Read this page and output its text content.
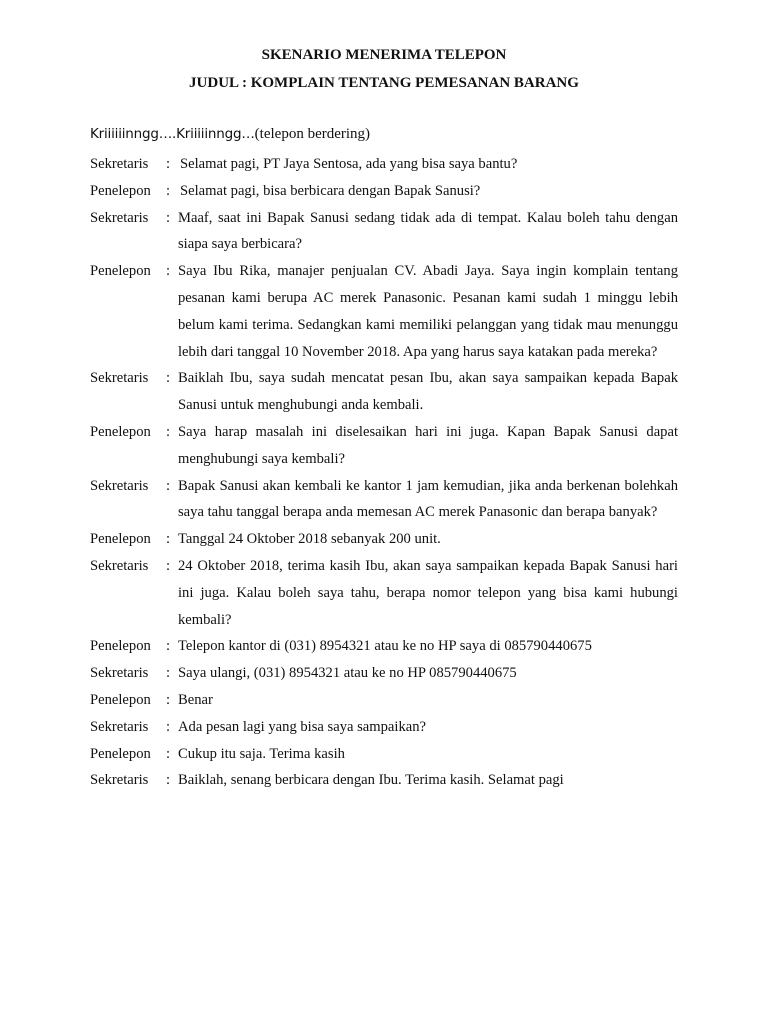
SKENARIO MENERIMA TELEPON
JUDUL : KOMPLAIN TENTANG PEMESANAN BARANG
Kriiiiiinngg….Kriiiiinngg…(telepon berdering)
Sekretaris	: Selamat pagi, PT Jaya Sentosa, ada yang bisa saya bantu?
Penelepon	: Selamat pagi, bisa berbicara dengan Bapak Sanusi?
Sekretaris	: Maaf, saat ini Bapak Sanusi sedang tidak ada di tempat. Kalau boleh tahu dengan siapa saya berbicara?
Penelepon	: Saya Ibu Rika, manajer penjualan CV. Abadi Jaya. Saya ingin komplain tentang pesanan kami berupa AC merek Panasonic. Pesanan kami sudah 1 minggu lebih belum kami terima. Sedangkan kami memiliki pelanggan yang tidak mau menunggu lebih dari tanggal 10 November 2018. Apa yang harus saya katakan pada mereka?
Sekretaris	: Baiklah Ibu, saya sudah mencatat pesan Ibu, akan saya sampaikan kepada Bapak Sanusi untuk menghubungi anda kembali.
Penelepon	: Saya harap masalah ini diselesaikan hari ini juga. Kapan Bapak Sanusi dapat menghubungi saya kembali?
Sekretaris	: Bapak Sanusi akan kembali ke kantor 1 jam kemudian, jika anda berkenan bolehkah saya tahu tanggal berapa anda memesan AC merek Panasonic dan berapa banyak?
Penelepon	: Tanggal 24 Oktober 2018 sebanyak 200 unit.
Sekretaris	: 24 Oktober 2018, terima kasih Ibu, akan saya sampaikan kepada Bapak Sanusi hari ini juga. Kalau boleh saya tahu, berapa nomor telepon yang bisa kami hubungi kembali?
Penelepon	: Telepon kantor di (031) 8954321 atau ke no HP saya di 085790440675
Sekretaris	: Saya ulangi, (031) 8954321 atau ke no HP 085790440675
Penelepon	: Benar
Sekretaris	: Ada pesan lagi yang bisa saya sampaikan?
Penelepon	: Cukup itu saja. Terima kasih
Sekretaris	: Baiklah, senang berbicara dengan Ibu. Terima kasih. Selamat pagi
